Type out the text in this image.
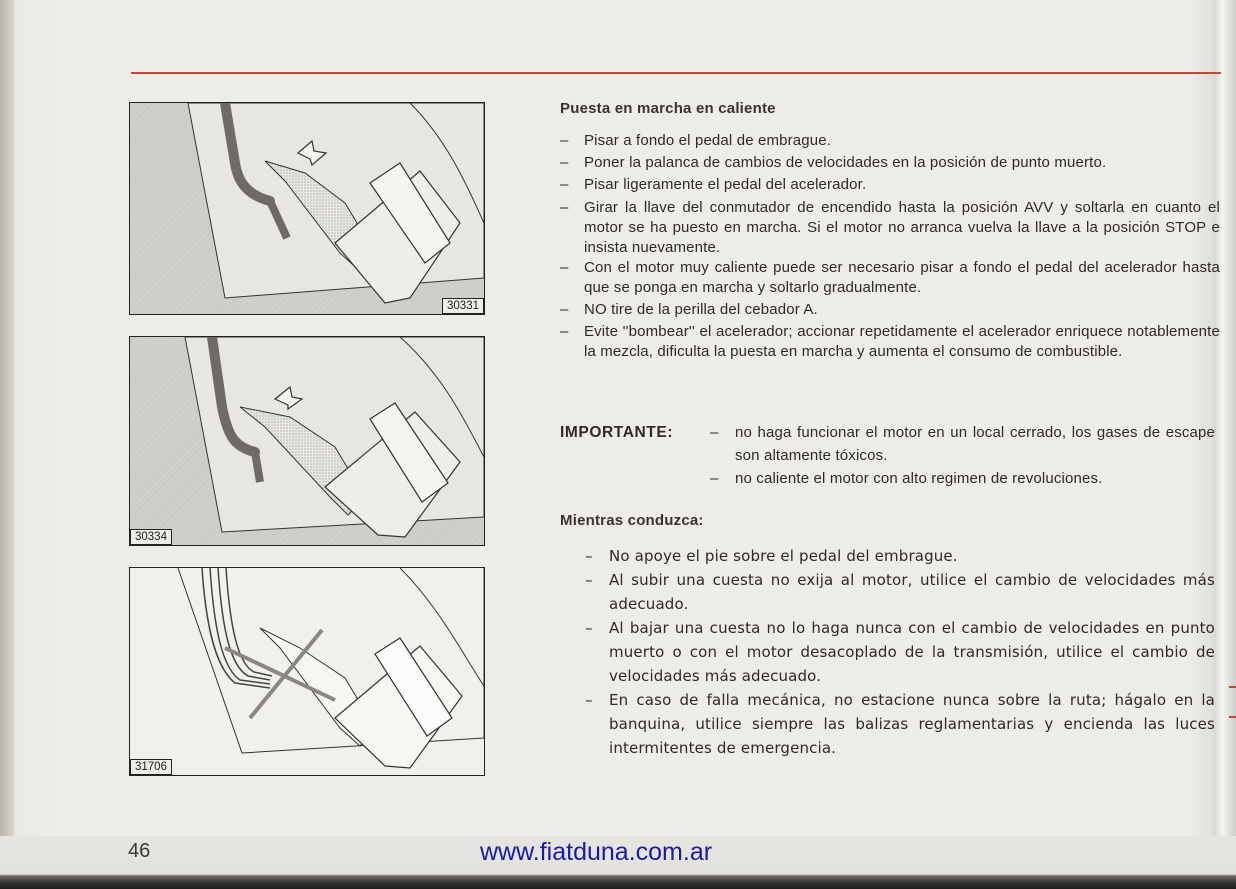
30331
30334
31706
Puesta en marcha en caliente
– Pisar a fondo el pedal de embrague.
– Poner la palanca de cambios de velocidades en la posición de punto muerto.
– Pisar ligeramente el pedal del acelerador.
– Girar la llave del conmutador de encendido hasta la posición AVV y soltarla en cuanto el motor se ha puesto en marcha. Si el motor no arranca vuelva la llave a la posición STOP e insista nuevamente.
– Con el motor muy caliente puede ser necesario pisar a fondo el pedal del acelerador hasta que se ponga en marcha y soltarlo gradualmente.
– NO tire de la perilla del cebador A.
– Evite ''bombear'' el acelerador; accionar repetidamente el acelerador enriquece notablemente la mezcla, dificulta la puesta en marcha y aumenta el consumo de combustible.
IMPORTANTE:
–	no haga funcionar el motor en un local cerrado, los gases de escape son altamente tóxicos.
– no caliente el motor con alto regimen de revoluciones.
Mientras conduzca:
– No apoye el pie sobre el pedal del embrague.
– Al subir una cuesta no exija al motor, utilice el cambio de velocidades más adecuado.
– Al bajar una cuesta no lo haga nunca con el cambio de velocidades en punto muerto o con el motor desacoplado de la transmisión, utilice el cambio de velocidades más adecuado.
– En caso de falla mecánica, no estacione nunca sobre la ruta; hágalo en la banquina, utilice siempre las balizas reglamentarias y encienda las luces intermitentes de emergencia.
46	www.fiatduna.com.ar
